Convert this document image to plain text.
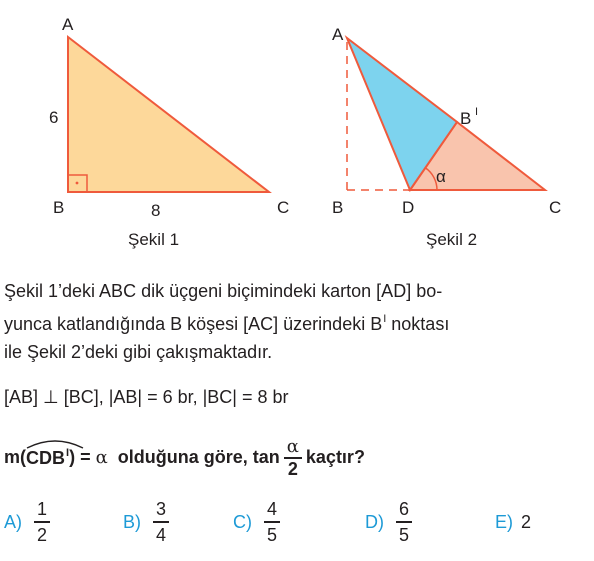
A
B	C
6
8
Şekil 1
α
A
B I
B	D	C
Şekil 2
Şekil 1’deki ABC dik üçgeni biçimindeki karton [AD] bo-
yunca katlandığında B köşesi [AC] üzerindeki $B^I$ noktası
ile Şekil 2’deki gibi çakışmaktadır.
[AB] ⊥ [BC], |AB| = 6 br, |BC| = 8 br
m ( $CDB^I$ ) = α olduğuna göre, $\tan \frac{\alpha}{2}$ kaçtır?
$A) \frac{1}{2}$	$B) \frac{3}{4}$	$C) \frac{4}{5}$	$D) \frac{6}{5}$	E) 2
